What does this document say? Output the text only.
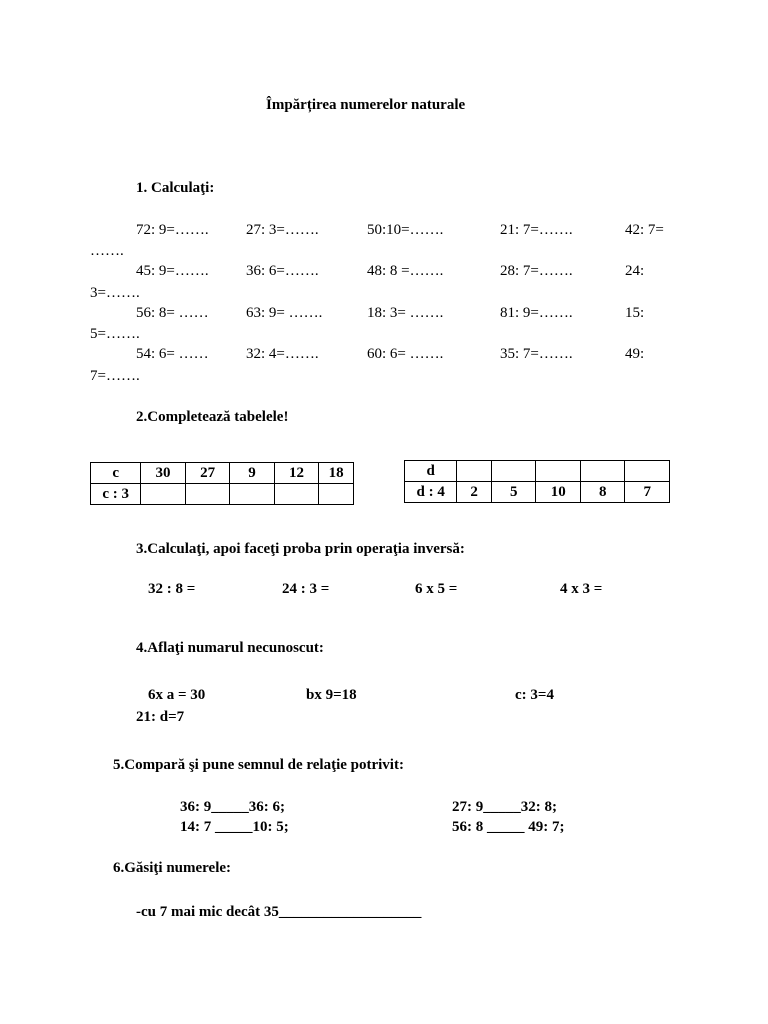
Împărțirea numerelor naturale
1. Calculaţi:
72: 9=……. 27: 3=…….	50:10=…….	21: 7=…….	42: 7=
…….
45: 9=……. 36: 6=…….	48: 8 =…….	28: 7=…….	24:
3=…….
56: 8= …… 63: 9= …….	18: 3= …….	81: 9=…….	15:
5=…….
54: 6= …… 32: 4=…….	60: 6= …….	35: 7=…….	49:
7=…….
2.Completează tabelele!
c	30	27	9	12	18
c : 3					
d					
d : 4	2	5	10	8	7
3.Calculaţi, apoi faceţi proba prin operaţia inversă:
32 : 8 =	24 : 3 =	6 x 5 =	4 x 3 =
4.Aflaţi numarul necunoscut:
6x a = 30	bx 9=18	c: 3=4
21: d=7
5.Compară şi pune semnul de relaţie potrivit:
36: 9_____36: 6;	27: 9_____32: 8;
14: 7 _____10: 5;	56: 8 _____ 49: 7;
6.Găsiţi numerele:
-cu 7 mai mic decât 35___________________
